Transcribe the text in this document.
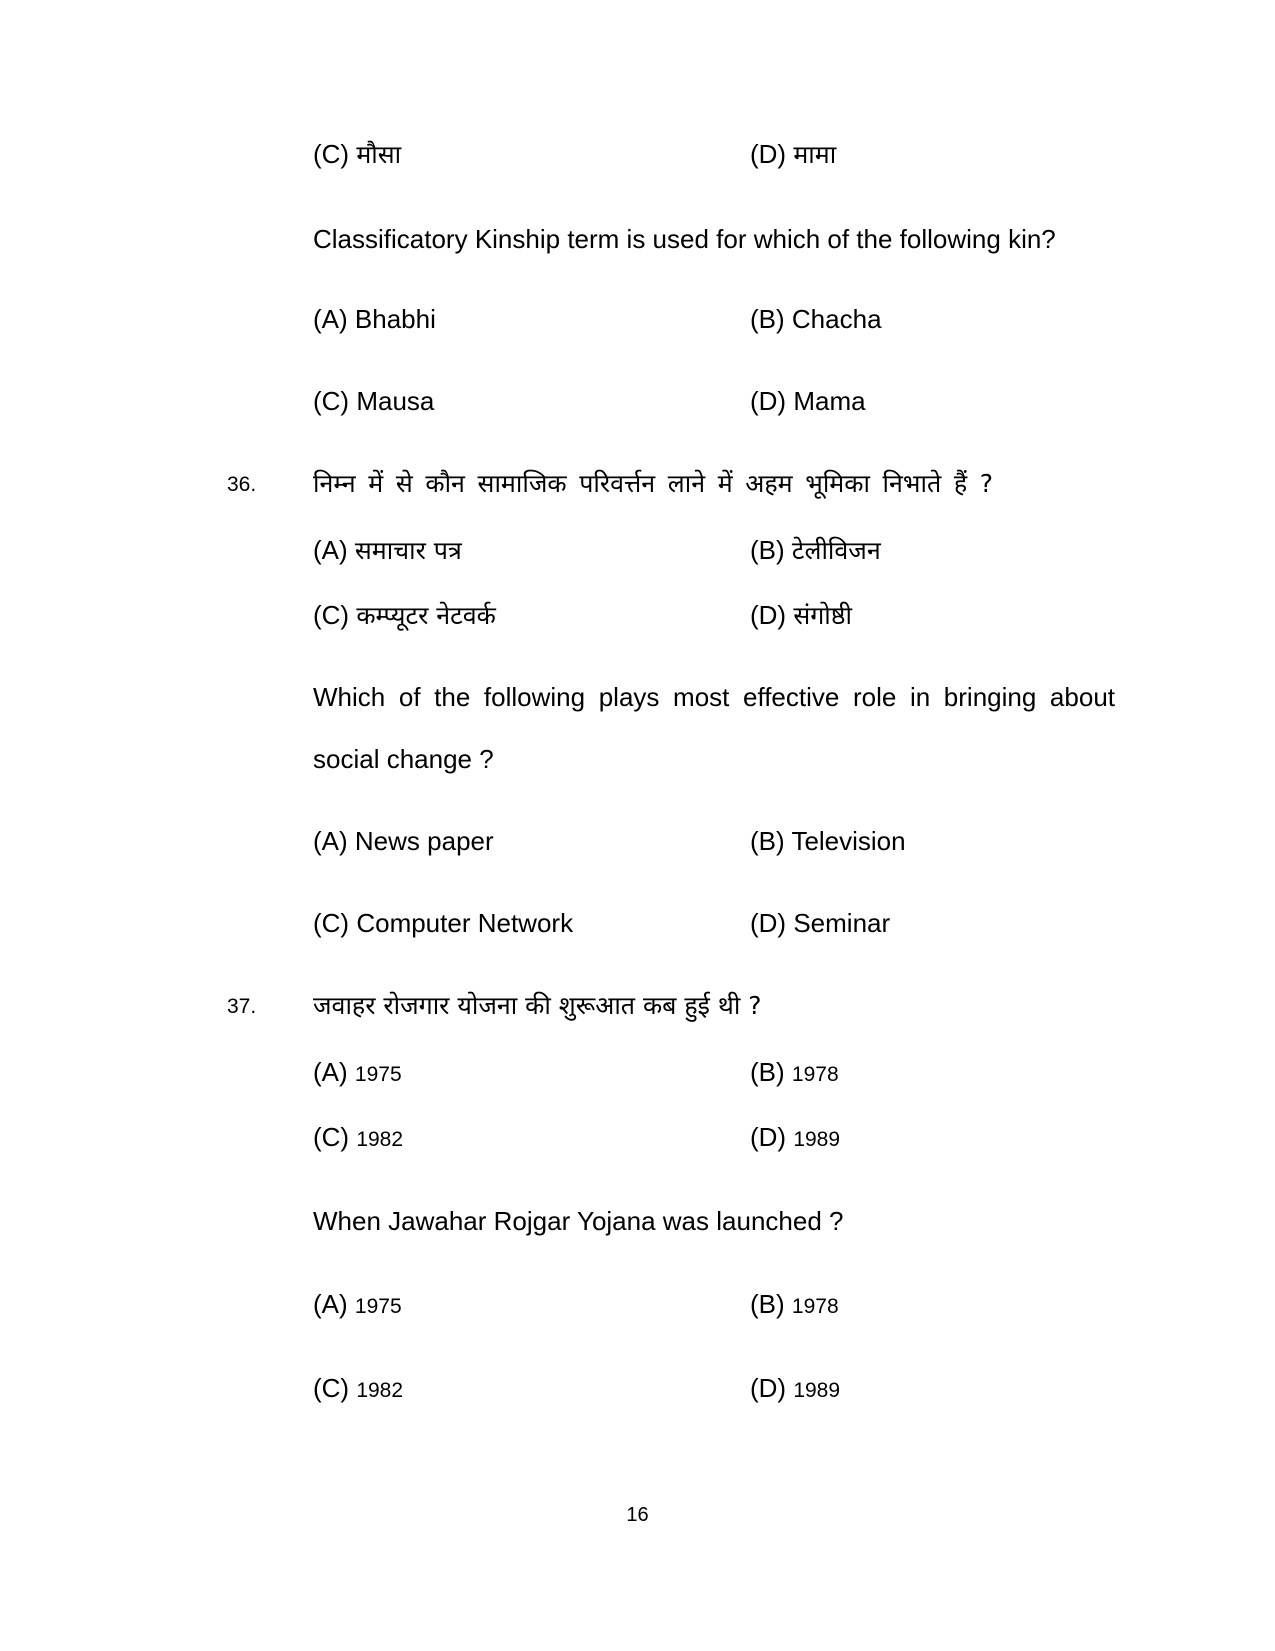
(C) मौसा	(D) मामा
Classificatory Kinship term is used for which of the following kin?
(A) Bhabhi	(B) Chacha
(C) Mausa	(D) Mama
36. निम्न में से कौन सामाजिक परिवर्त्तन लाने में अहम भूमिका निभाते हैं ?
(A) समाचार पत्र	(B) टेलीविजन
(C) कम्प्यूटर नेटवर्क	(D) संगोष्ठी
Which of the following plays most effective role in bringing about
social change ?
(A) News paper	(B) Television
(C) Computer Network	(D) Seminar
37. जवाहर रोजगार योजना की शुरूआत कब हुई थी ?
(A) 1975	(B) 1978
(C) 1982	(D) 1989
When Jawahar Rojgar Yojana was launched ?
(A) 1975	(B) 1978
(C) 1982	(D) 1989
16
